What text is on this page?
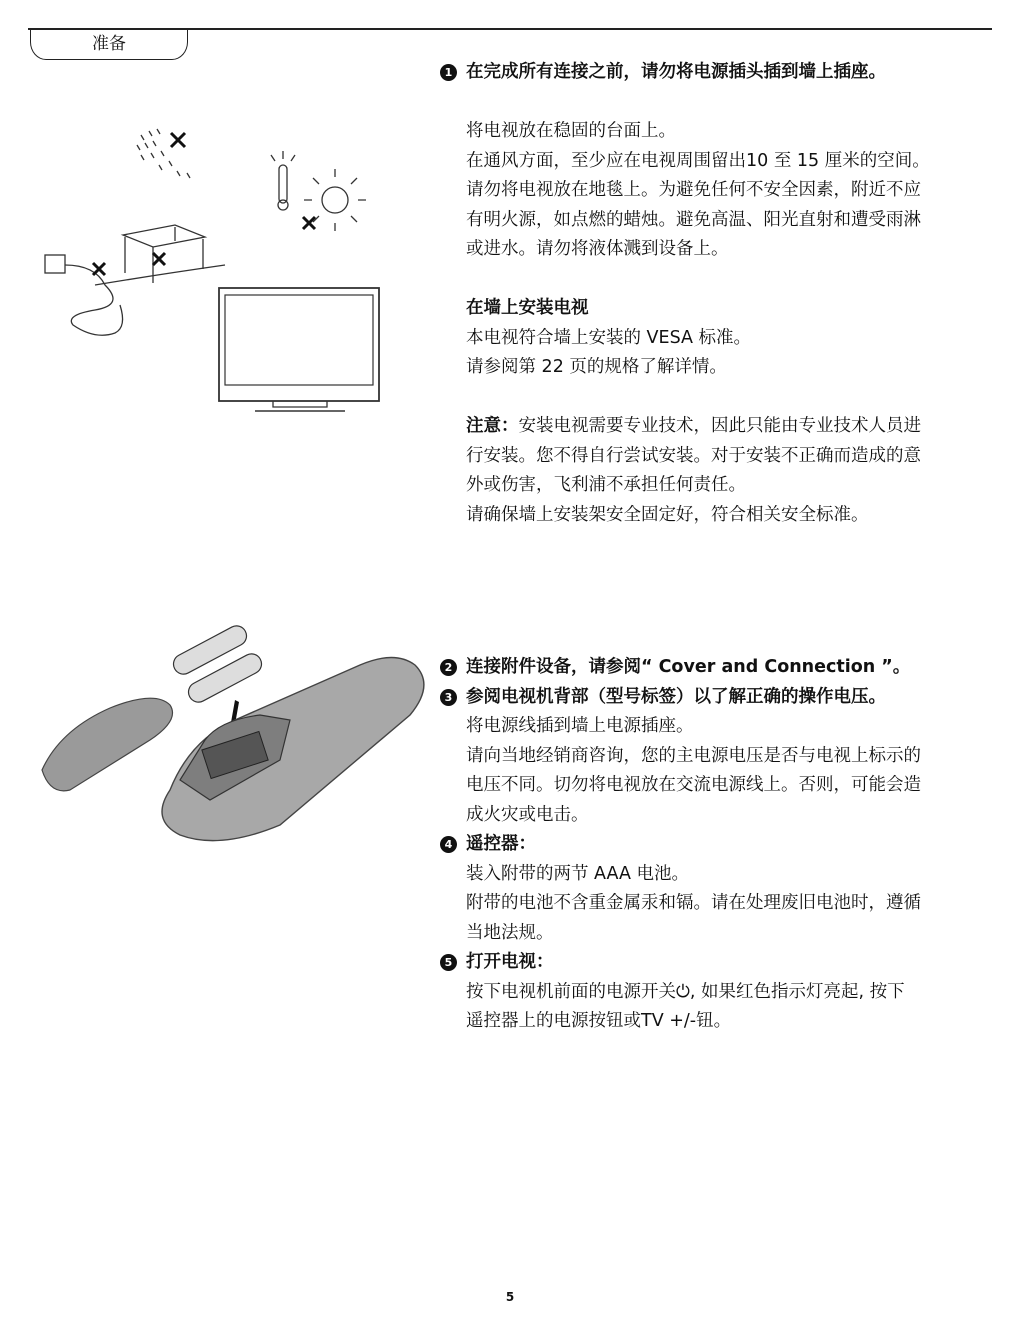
准备

1 在完成所有连接之前，请勿将电源插头插到墙上插座。

将电视放在稳固的台面上。

在通风方面，至少应在电视周围留出10 至 15 厘米的空间。

请勿将电视放在地毯上。为避免任何不安全因素，附近不应

有明火源，如点燃的蜡烛。避免高温、阳光直射和遭受雨淋

或进水。请勿将液体溅到设备上。

在墙上安装电视

本电视符合墙上安装的 VESA 标准。

请参阅第 22 页的规格了解详情。

注意：安装电视需要专业技术，因此只能由专业技术人员进

行安装。您不得自行尝试安装。对于安装不正确而造成的意

外或伤害，飞利浦不承担任何责任。

请确保墙上安装架安全固定好，符合相关安全标准。

2 连接附件设备，请参阅“ Cover and Connection ”。

3 参阅电视机背部（型号标签）以了解正确的操作电压。

将电源线插到墙上电源插座。

请向当地经销商咨询，您的主电源电压是否与电视上标示的

电压不同。切勿将电视放在交流电源线上。否则，可能会造

成火灾或电击。

4 遥控器：

装入附带的两节 AAA 电池。

附带的电池不含重金属汞和镉。请在处理废旧电池时，遵循

当地法规。

5 打开电视：

按下电视机前面的电源开关⏻, 如果红色指示灯亮起, 按下

遥控器上的电源按钮或TV +/-钮。

5
